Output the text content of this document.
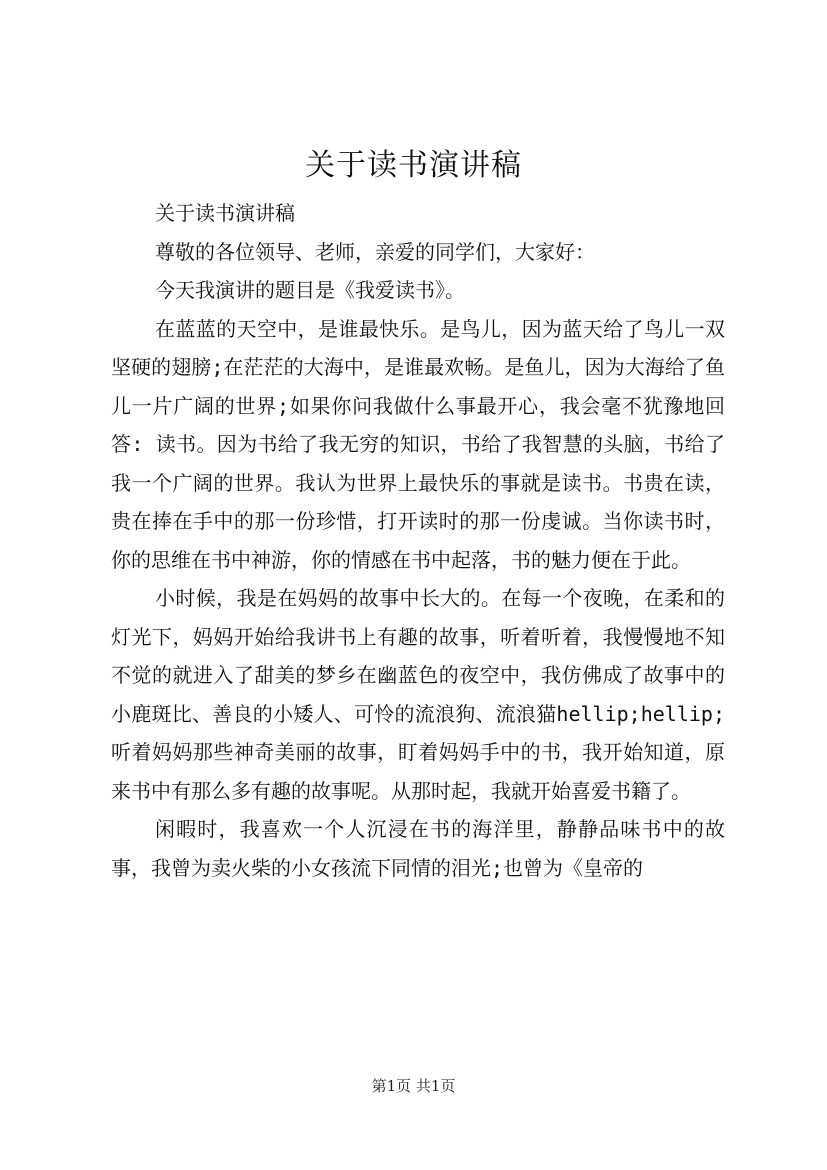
关于读书演讲稿

关于读书演讲稿

尊敬的各位领导、老师，亲爱的同学们，大家好：

今天我演讲的题目是《我爱读书》。

在蓝蓝的天空中，是谁最快乐。是鸟儿，因为蓝天给了鸟儿一双坚硬的翅膀;在茫茫的大海中，是谁最欢畅。是鱼儿，因为大海给了鱼儿一片广阔的世界;如果你问我做什么事最开心，我会毫不犹豫地回答: 读书。因为书给了我无穷的知识，书给了我智慧的头脑，书给了我一个广阔的世界。我认为世界上最快乐的事就是读书。书贵在读，贵在捧在手中的那一份珍惜，打开读时的那一份虔诚。当你读书时，你的思维在书中神游，你的情感在书中起落，书的魅力便在于此。

小时候，我是在妈妈的故事中长大的。在每一个夜晚，在柔和的灯光下，妈妈开始给我讲书上有趣的故事，听着听着，我慢慢地不知不觉的就进入了甜美的梦乡在幽蓝色的夜空中，我仿佛成了故事中的小鹿斑比、善良的小矮人、可怜的流浪狗、流浪猫hellip;hellip;听着妈妈那些神奇美丽的故事，盯着妈妈手中的书，我开始知道，原来书中有那么多有趣的故事呢。从那时起，我就开始喜爱书籍了。

闲暇时，我喜欢一个人沉浸在书的海洋里，静静品味书中的故事，我曾为卖火柴的小女孩流下同情的泪光;也曾为《皇帝的

第1页 共1页
